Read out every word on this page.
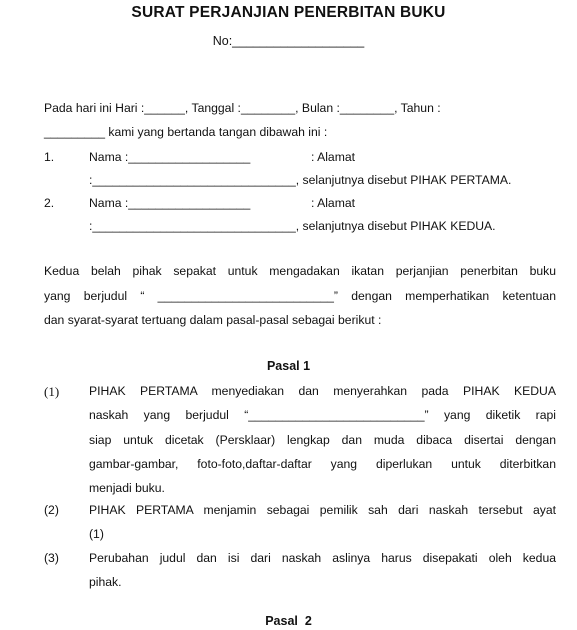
SURAT PERJANJIAN PENERBITAN BUKU
No:___________________
Pada hari ini Hari :______, Tanggal :________, Bulan :________, Tahun :
_________ kami yang bertanda tangan dibawah ini :
1.	Nama :__________________	: Alamat
:______________________________, selanjutnya disebut PIHAK PERTAMA.
2.	Nama :__________________	: Alamat
:______________________________, selanjutnya disebut PIHAK KEDUA.
Kedua belah pihak sepakat untuk mengadakan ikatan perjanjian penerbitan buku
yang berjudul “ __________________________” dengan memperhatikan ketentuan
dan syarat-syarat tertuang dalam pasal-pasal sebagai berikut :
Pasal 1
(1) PIHAK PERTAMA menyediakan dan menyerahkan pada PIHAK KEDUA
naskah yang berjudul “__________________________” yang diketik rapi
siap untuk dicetak (Persklaar) lengkap dan muda dibaca disertai dengan
gambar-gambar, foto-foto,daftar-daftar yang diperlukan untuk diterbitkan
menjadi buku.
(2) PIHAK PERTAMA menjamin sebagai pemilik sah dari naskah tersebut ayat
(1)
(3) Perubahan judul dan isi dari naskah aslinya harus disepakati oleh kedua
pihak.
Pasal  2
